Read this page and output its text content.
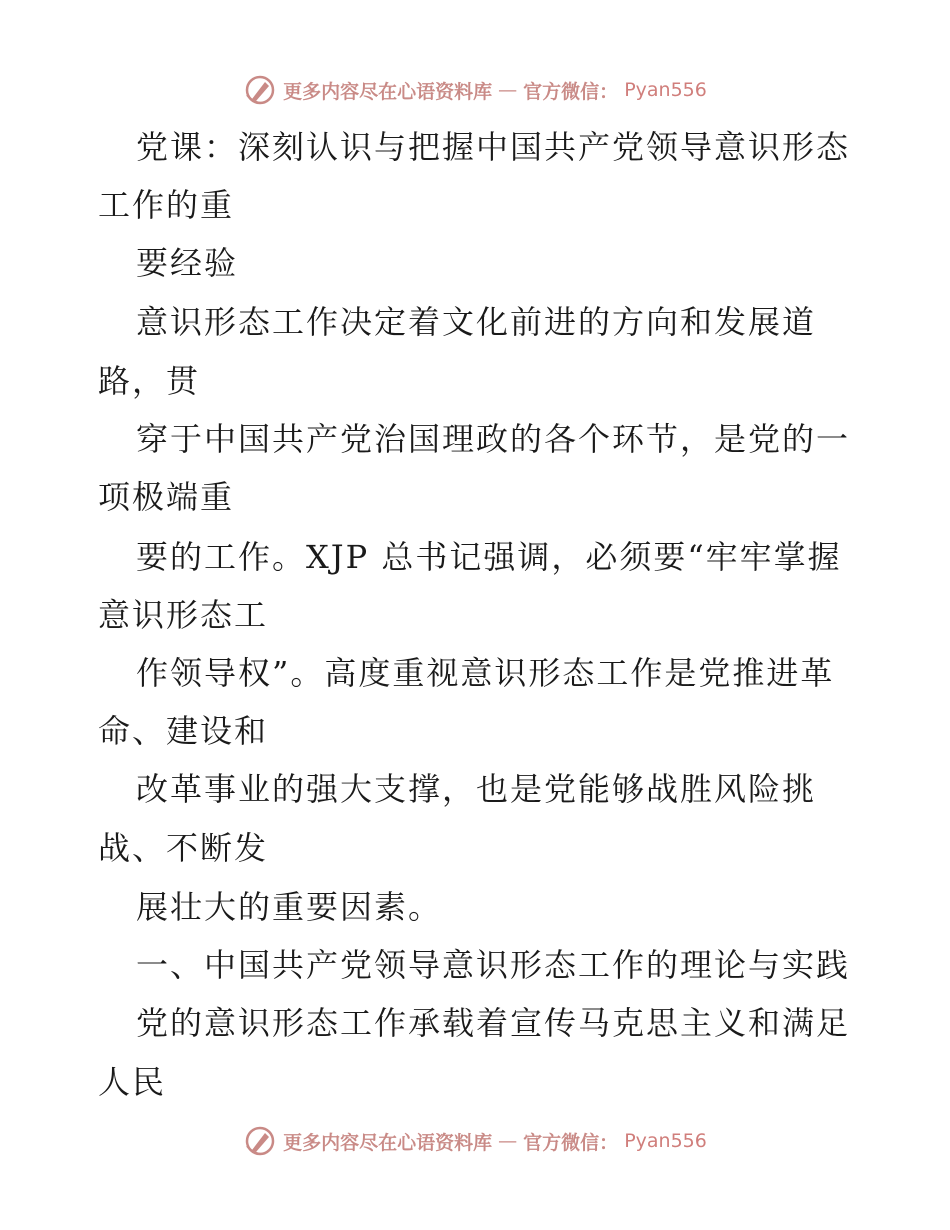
更多内容尽在心语资料库 — 官方微信： Pyan556
党课：深刻认识与把握中国共产党领导意识形态
工作的重
要经验
意识形态工作决定着文化前进的方向和发展道
路，贯
穿于中国共产党治国理政的各个环节，是党的一
项极端重
要的工作。XJP 总书记强调，必须要“牢牢掌握
意识形态工
作领导权”。高度重视意识形态工作是党推进革
命、建设和
改革事业的强大支撑，也是党能够战胜风险挑
战、不断发
展壮大的重要因素。
一、中国共产党领导意识形态工作的理论与实践
党的意识形态工作承载着宣传马克思主义和满足
人民
更多内容尽在心语资料库 — 官方微信： Pyan556
